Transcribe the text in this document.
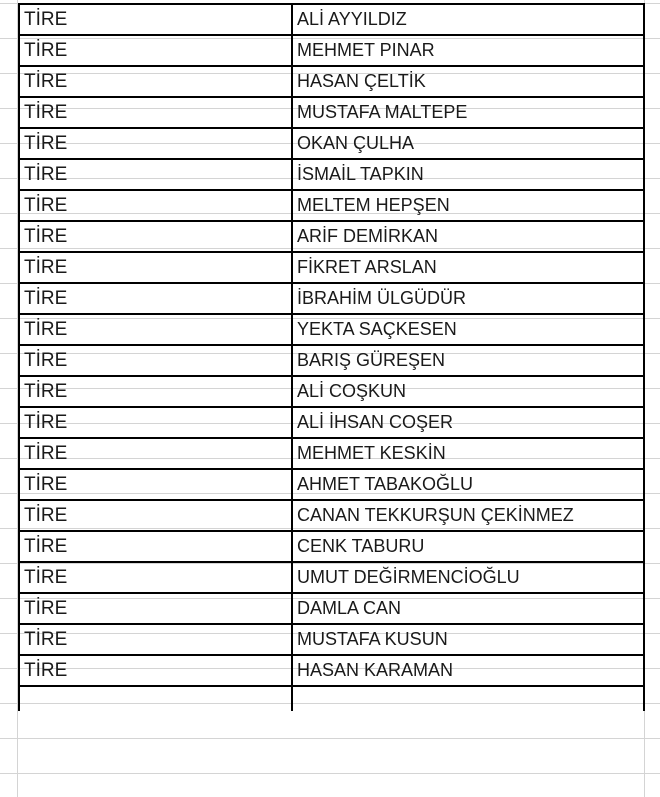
TİRE	ALİ AYYILDIZ
TİRE	MEHMET PINAR
TİRE	HASAN ÇELTİK
TİRE	MUSTAFA MALTEPE
TİRE	OKAN ÇULHA
TİRE	İSMAİL TAPKIN
TİRE	MELTEM HEPŞEN
TİRE	ARİF DEMİRKAN
TİRE	FİKRET ARSLAN
TİRE	İBRAHİM ÜLGÜDÜR
TİRE	YEKTA SAÇKESEN
TİRE	BARIŞ GÜREŞEN
TİRE	ALİ COŞKUN
TİRE	ALİ İHSAN COŞER
TİRE	MEHMET KESKİN
TİRE	AHMET TABAKOĞLU
TİRE	CANAN TEKKURŞUN ÇEKİNMEZ
TİRE	CENK TABURU
TİRE	UMUT DEĞİRMENCİOĞLU
TİRE	DAMLA CAN
TİRE	MUSTAFA KUSUN
TİRE	HASAN KARAMAN
